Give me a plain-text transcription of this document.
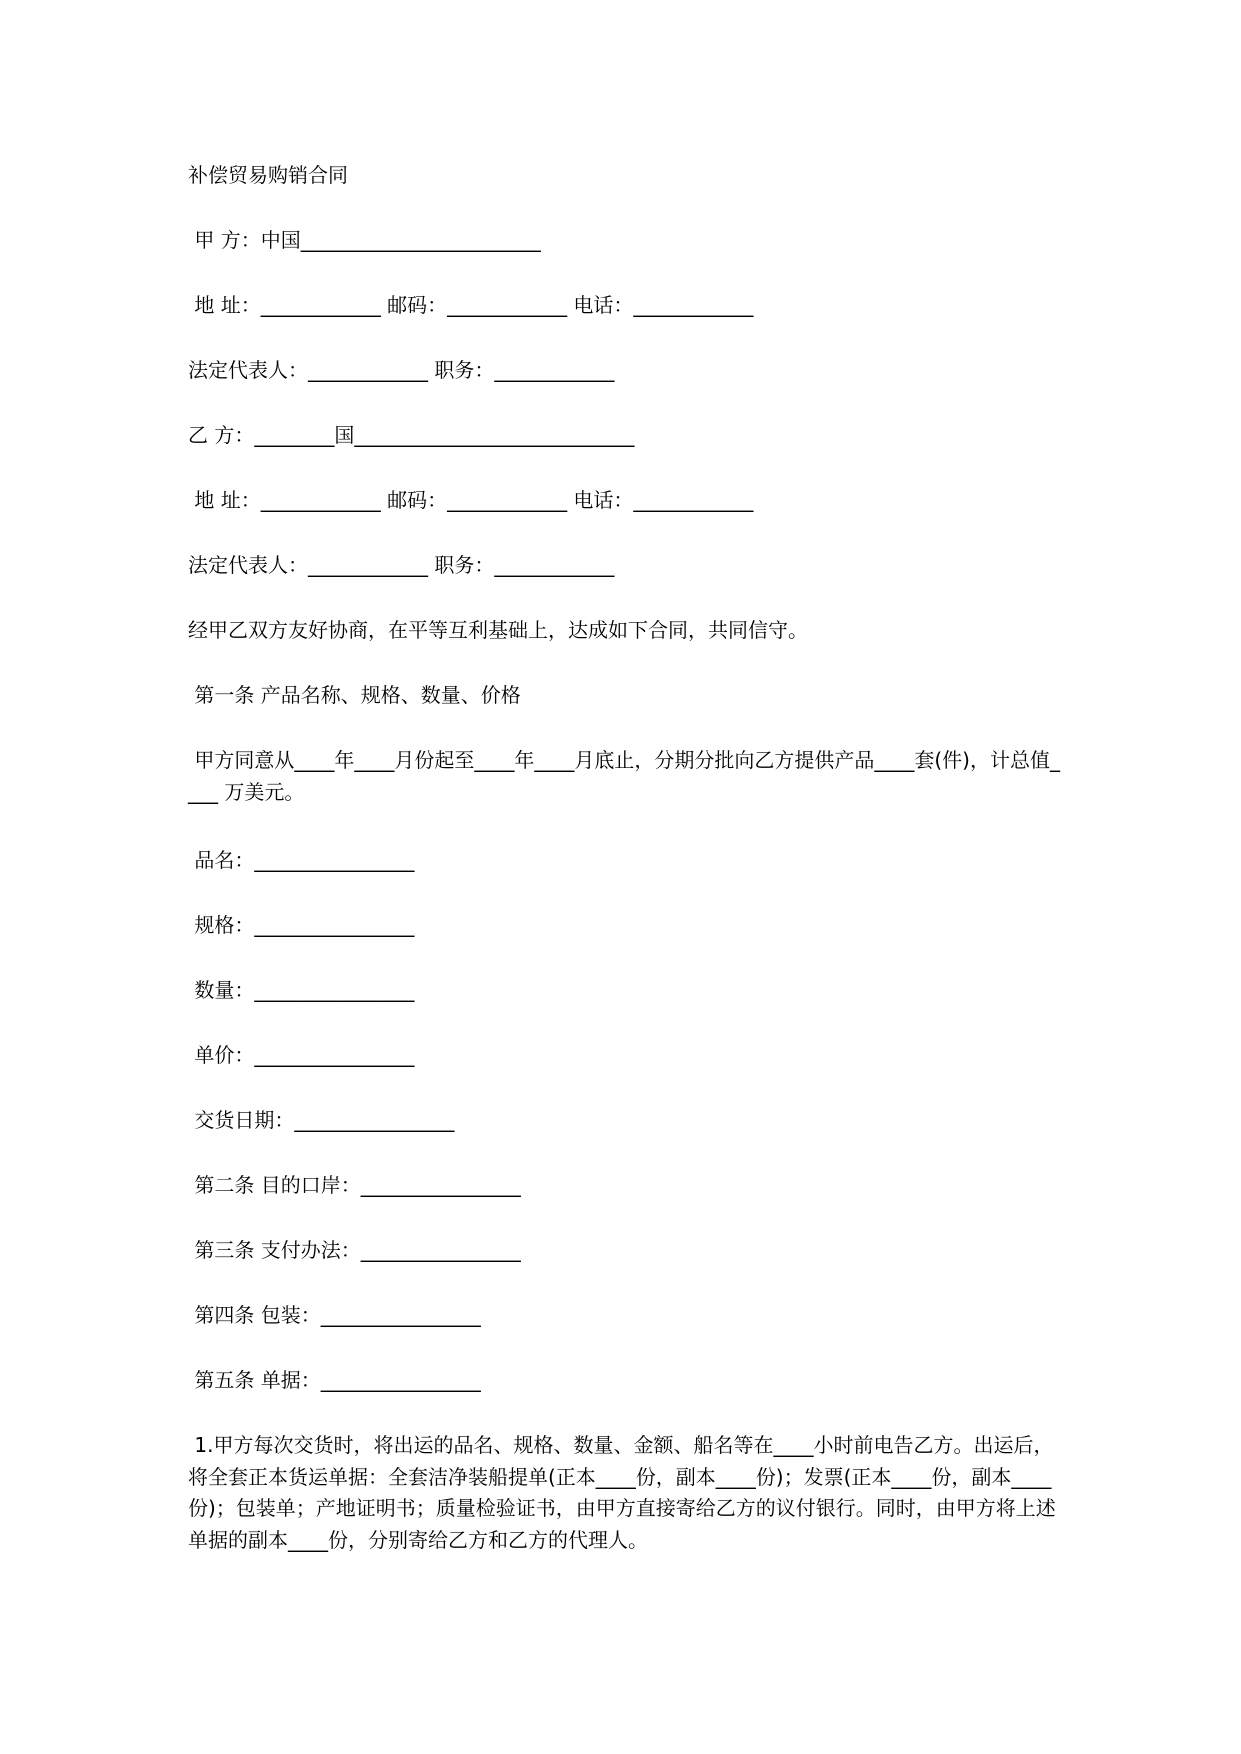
补偿贸易购销合同
甲 方：中国________________________
地 址：____________ 邮码：____________ 电话：____________
法定代表人：____________ 职务：____________
乙 方：________国____________________________
地 址：____________ 邮码：____________ 电话：____________
法定代表人：____________ 职务：____________
经甲乙双方友好协商，在平等互利基础上，达成如下合同，共同信守。
第一条 产品名称、规格、数量、价格
甲方同意从____年____月份起至____年____月底止，分期分批向乙方提供产品____套(件)，计总值____ 万美元。
品名：________________
规格：________________
数量：________________
单价：________________
交货日期：________________
第二条 目的口岸：________________
第三条 支付办法：________________
第四条 包装：________________
第五条 单据：________________
1.甲方每次交货时，将出运的品名、规格、数量、金额、船名等在____小时前电告乙方。出运后，将全套正本货运单据：全套洁净装船提单(正本____份，副本____份)；发票(正本____份，副本____份)；包装单；产地证明书；质量检验证书，由甲方直接寄给乙方的议付银行。同时，由甲方将上述单据的副本____份，分别寄给乙方和乙方的代理人。
